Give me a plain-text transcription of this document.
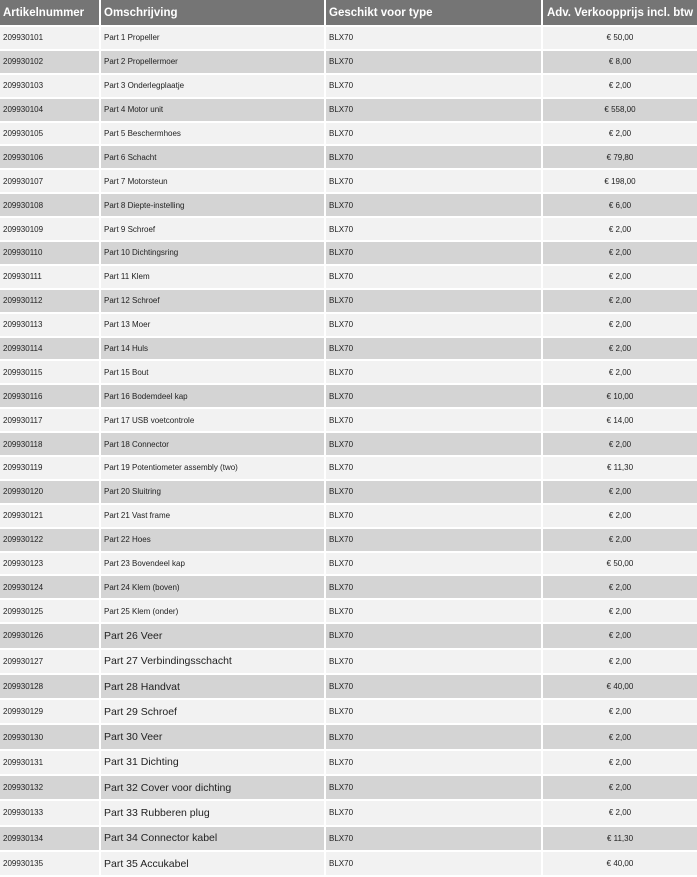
Artikelnummer	Omschrijving	Geschikt voor type	Adv. Verkoopprijs incl. btw
209930101	Part 1 Propeller	BLX70	€ 50,00
209930102	Part 2 Propellermoer	BLX70	€ 8,00
209930103	Part 3 Onderlegplaatje	BLX70	€ 2,00
209930104	Part 4 Motor unit	BLX70	€ 558,00
209930105	Part 5 Beschermhoes	BLX70	€ 2,00
209930106	Part 6 Schacht	BLX70	€ 79,80
209930107	Part 7 Motorsteun	BLX70	€ 198,00
209930108	Part 8 Diepte-instelling	BLX70	€ 6,00
209930109	Part 9 Schroef	BLX70	€ 2,00
209930110	Part 10 Dichtingsring	BLX70	€ 2,00
209930111	Part 11 Klem	BLX70	€ 2,00
209930112	Part 12 Schroef	BLX70	€ 2,00
209930113	Part 13 Moer	BLX70	€ 2,00
209930114	Part 14 Huls	BLX70	€ 2,00
209930115	Part 15 Bout	BLX70	€ 2,00
209930116	Part 16 Bodemdeel kap	BLX70	€ 10,00
209930117	Part 17 USB voetcontrole	BLX70	€ 14,00
209930118	Part 18 Connector	BLX70	€ 2,00
209930119	Part 19 Potentiometer assembly (two)	BLX70	€ 11,30
209930120	Part 20 Sluitring	BLX70	€ 2,00
209930121	Part 21 Vast frame	BLX70	€ 2,00
209930122	Part 22 Hoes	BLX70	€ 2,00
209930123	Part 23 Bovendeel kap	BLX70	€ 50,00
209930124	Part 24 Klem (boven)	BLX70	€ 2,00
209930125	Part 25 Klem (onder)	BLX70	€ 2,00
209930126	Part 26 Veer	BLX70	€ 2,00
209930127	Part 27 Verbindingsschacht	BLX70	€ 2,00
209930128	Part 28 Handvat	BLX70	€ 40,00
209930129	Part 29 Schroef	BLX70	€ 2,00
209930130	Part 30 Veer	BLX70	€ 2,00
209930131	Part 31 Dichting	BLX70	€ 2,00
209930132	Part 32 Cover voor dichting	BLX70	€ 2,00
209930133	Part 33 Rubberen plug	BLX70	€ 2,00
209930134	Part 34 Connector kabel	BLX70	€ 11,30
209930135	Part 35 Accukabel	BLX70	€ 40,00
